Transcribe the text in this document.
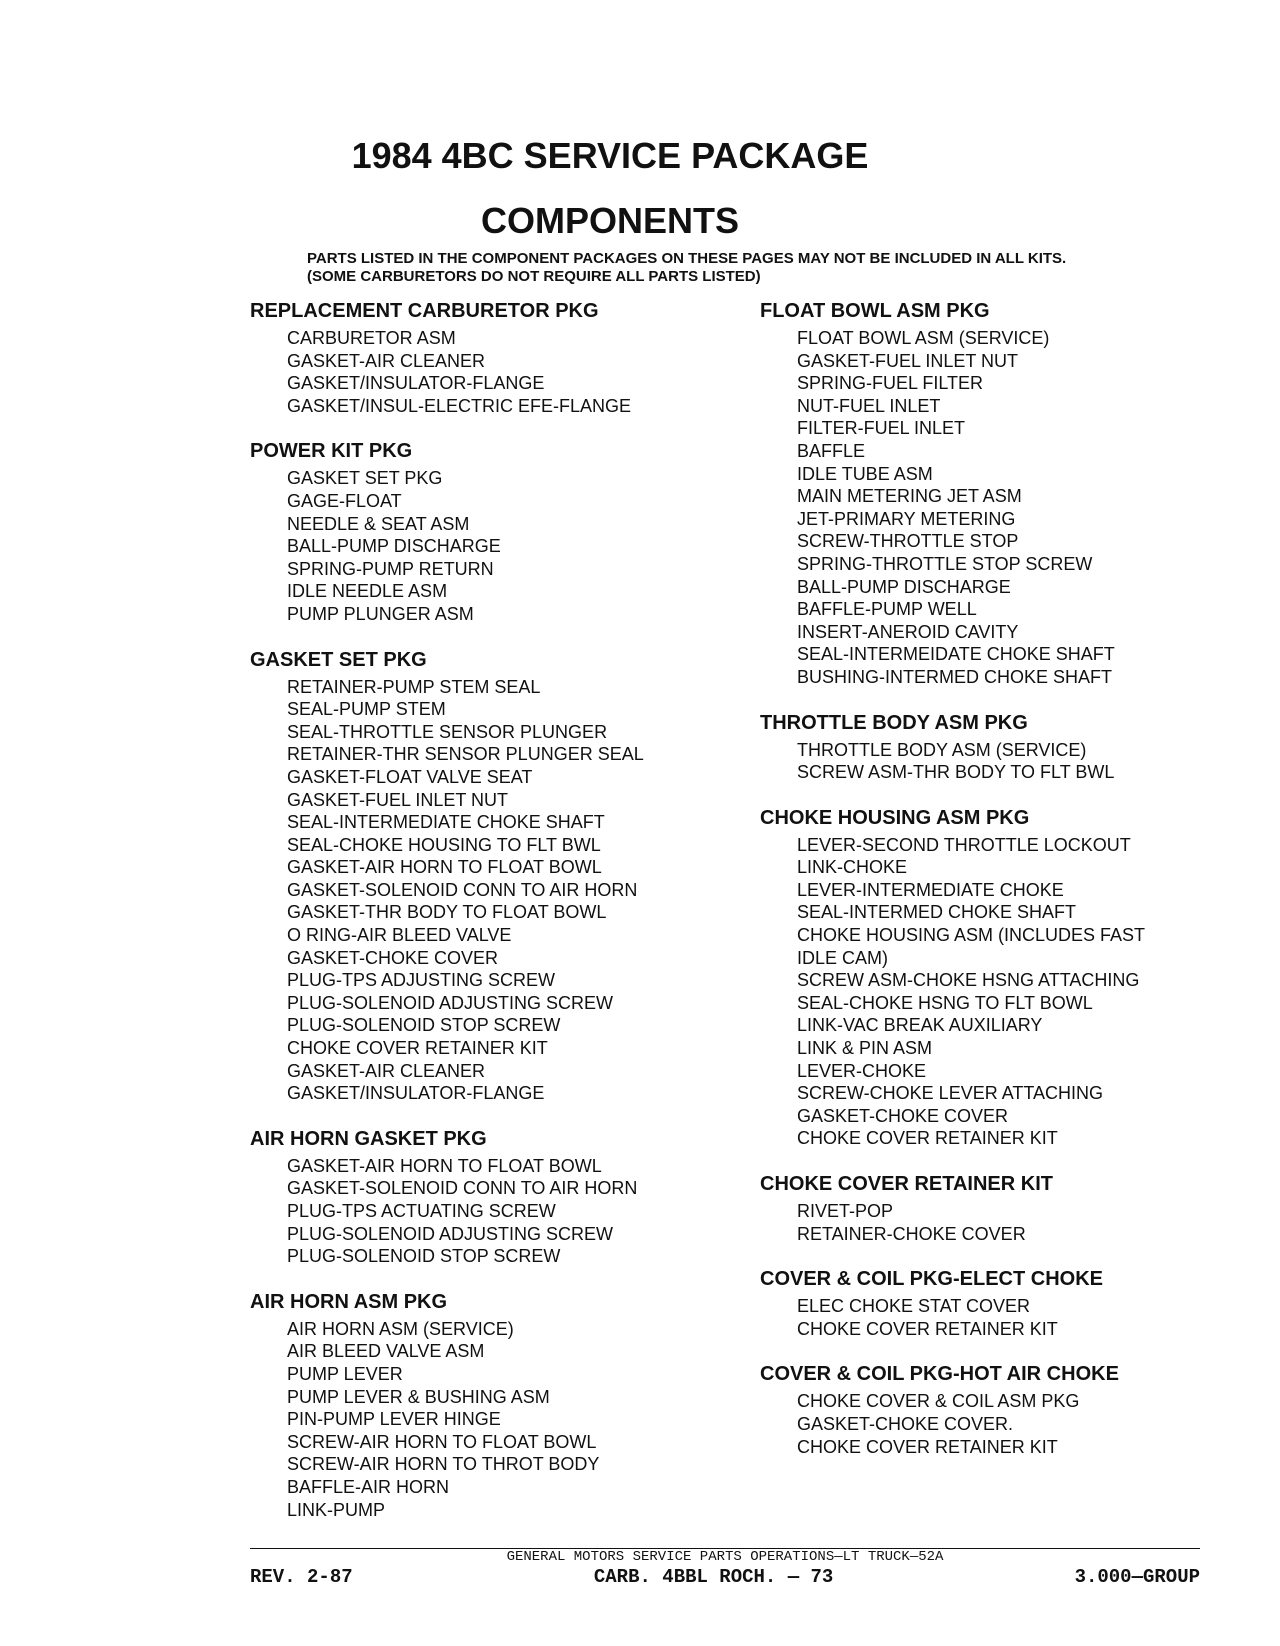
1984 4BC SERVICE PACKAGE
COMPONENTS
PARTS LISTED IN THE COMPONENT PACKAGES ON THESE PAGES MAY NOT BE INCLUDED IN ALL KITS.
(SOME CARBURETORS DO NOT REQUIRE ALL PARTS LISTED)
REPLACEMENT CARBURETOR PKG
CARBURETOR ASM
GASKET-AIR CLEANER
GASKET/INSULATOR-FLANGE
GASKET/INSUL-ELECTRIC EFE-FLANGE
POWER KIT PKG
GASKET SET PKG
GAGE-FLOAT
NEEDLE & SEAT ASM
BALL-PUMP DISCHARGE
SPRING-PUMP RETURN
IDLE NEEDLE ASM
PUMP PLUNGER ASM
GASKET SET PKG
RETAINER-PUMP STEM SEAL
SEAL-PUMP STEM
SEAL-THROTTLE SENSOR PLUNGER
RETAINER-THR SENSOR PLUNGER SEAL
GASKET-FLOAT VALVE SEAT
GASKET-FUEL INLET NUT
SEAL-INTERMEDIATE CHOKE SHAFT
SEAL-CHOKE HOUSING TO FLT BWL
GASKET-AIR HORN TO FLOAT BOWL
GASKET-SOLENOID CONN TO AIR HORN
GASKET-THR BODY TO FLOAT BOWL
O RING-AIR BLEED VALVE
GASKET-CHOKE COVER
PLUG-TPS ADJUSTING SCREW
PLUG-SOLENOID ADJUSTING SCREW
PLUG-SOLENOID STOP SCREW
CHOKE COVER RETAINER KIT
GASKET-AIR CLEANER
GASKET/INSULATOR-FLANGE
AIR HORN GASKET PKG
GASKET-AIR HORN TO FLOAT BOWL
GASKET-SOLENOID CONN TO AIR HORN
PLUG-TPS ACTUATING SCREW
PLUG-SOLENOID ADJUSTING SCREW
PLUG-SOLENOID STOP SCREW
AIR HORN ASM PKG
AIR HORN ASM (SERVICE)
AIR BLEED VALVE ASM
PUMP LEVER
PUMP LEVER & BUSHING ASM
PIN-PUMP LEVER HINGE
SCREW-AIR HORN TO FLOAT BOWL
SCREW-AIR HORN TO THROT BODY
BAFFLE-AIR HORN
LINK-PUMP
FLOAT BOWL ASM PKG
FLOAT BOWL ASM (SERVICE)
GASKET-FUEL INLET NUT
SPRING-FUEL FILTER
NUT-FUEL INLET
FILTER-FUEL INLET
BAFFLE
IDLE TUBE ASM
MAIN METERING JET ASM
JET-PRIMARY METERING
SCREW-THROTTLE STOP
SPRING-THROTTLE STOP SCREW
BALL-PUMP DISCHARGE
BAFFLE-PUMP WELL
INSERT-ANEROID CAVITY
SEAL-INTERMEIDATE CHOKE SHAFT
BUSHING-INTERMED CHOKE SHAFT
THROTTLE BODY ASM PKG
THROTTLE BODY ASM (SERVICE)
SCREW ASM-THR BODY TO FLT BWL
CHOKE HOUSING ASM PKG
LEVER-SECOND THROTTLE LOCKOUT
LINK-CHOKE
LEVER-INTERMEDIATE CHOKE
SEAL-INTERMED CHOKE SHAFT
CHOKE HOUSING ASM (INCLUDES FAST
IDLE CAM)
SCREW ASM-CHOKE HSNG ATTACHING
SEAL-CHOKE HSNG TO FLT BOWL
LINK-VAC BREAK AUXILIARY
LINK & PIN ASM
LEVER-CHOKE
SCREW-CHOKE LEVER ATTACHING
GASKET-CHOKE COVER
CHOKE COVER RETAINER KIT
CHOKE COVER RETAINER KIT
RIVET-POP
RETAINER-CHOKE COVER
COVER & COIL PKG-ELECT CHOKE
ELEC CHOKE STAT COVER
CHOKE COVER RETAINER KIT
COVER & COIL PKG-HOT AIR CHOKE
CHOKE COVER & COIL ASM PKG
GASKET-CHOKE COVER.
CHOKE COVER RETAINER KIT
GENERAL MOTORS SERVICE PARTS OPERATIONS—LT TRUCK—52A
REV. 2-87	CARB. 4BBL ROCH. — 73	3.000—GROUP
